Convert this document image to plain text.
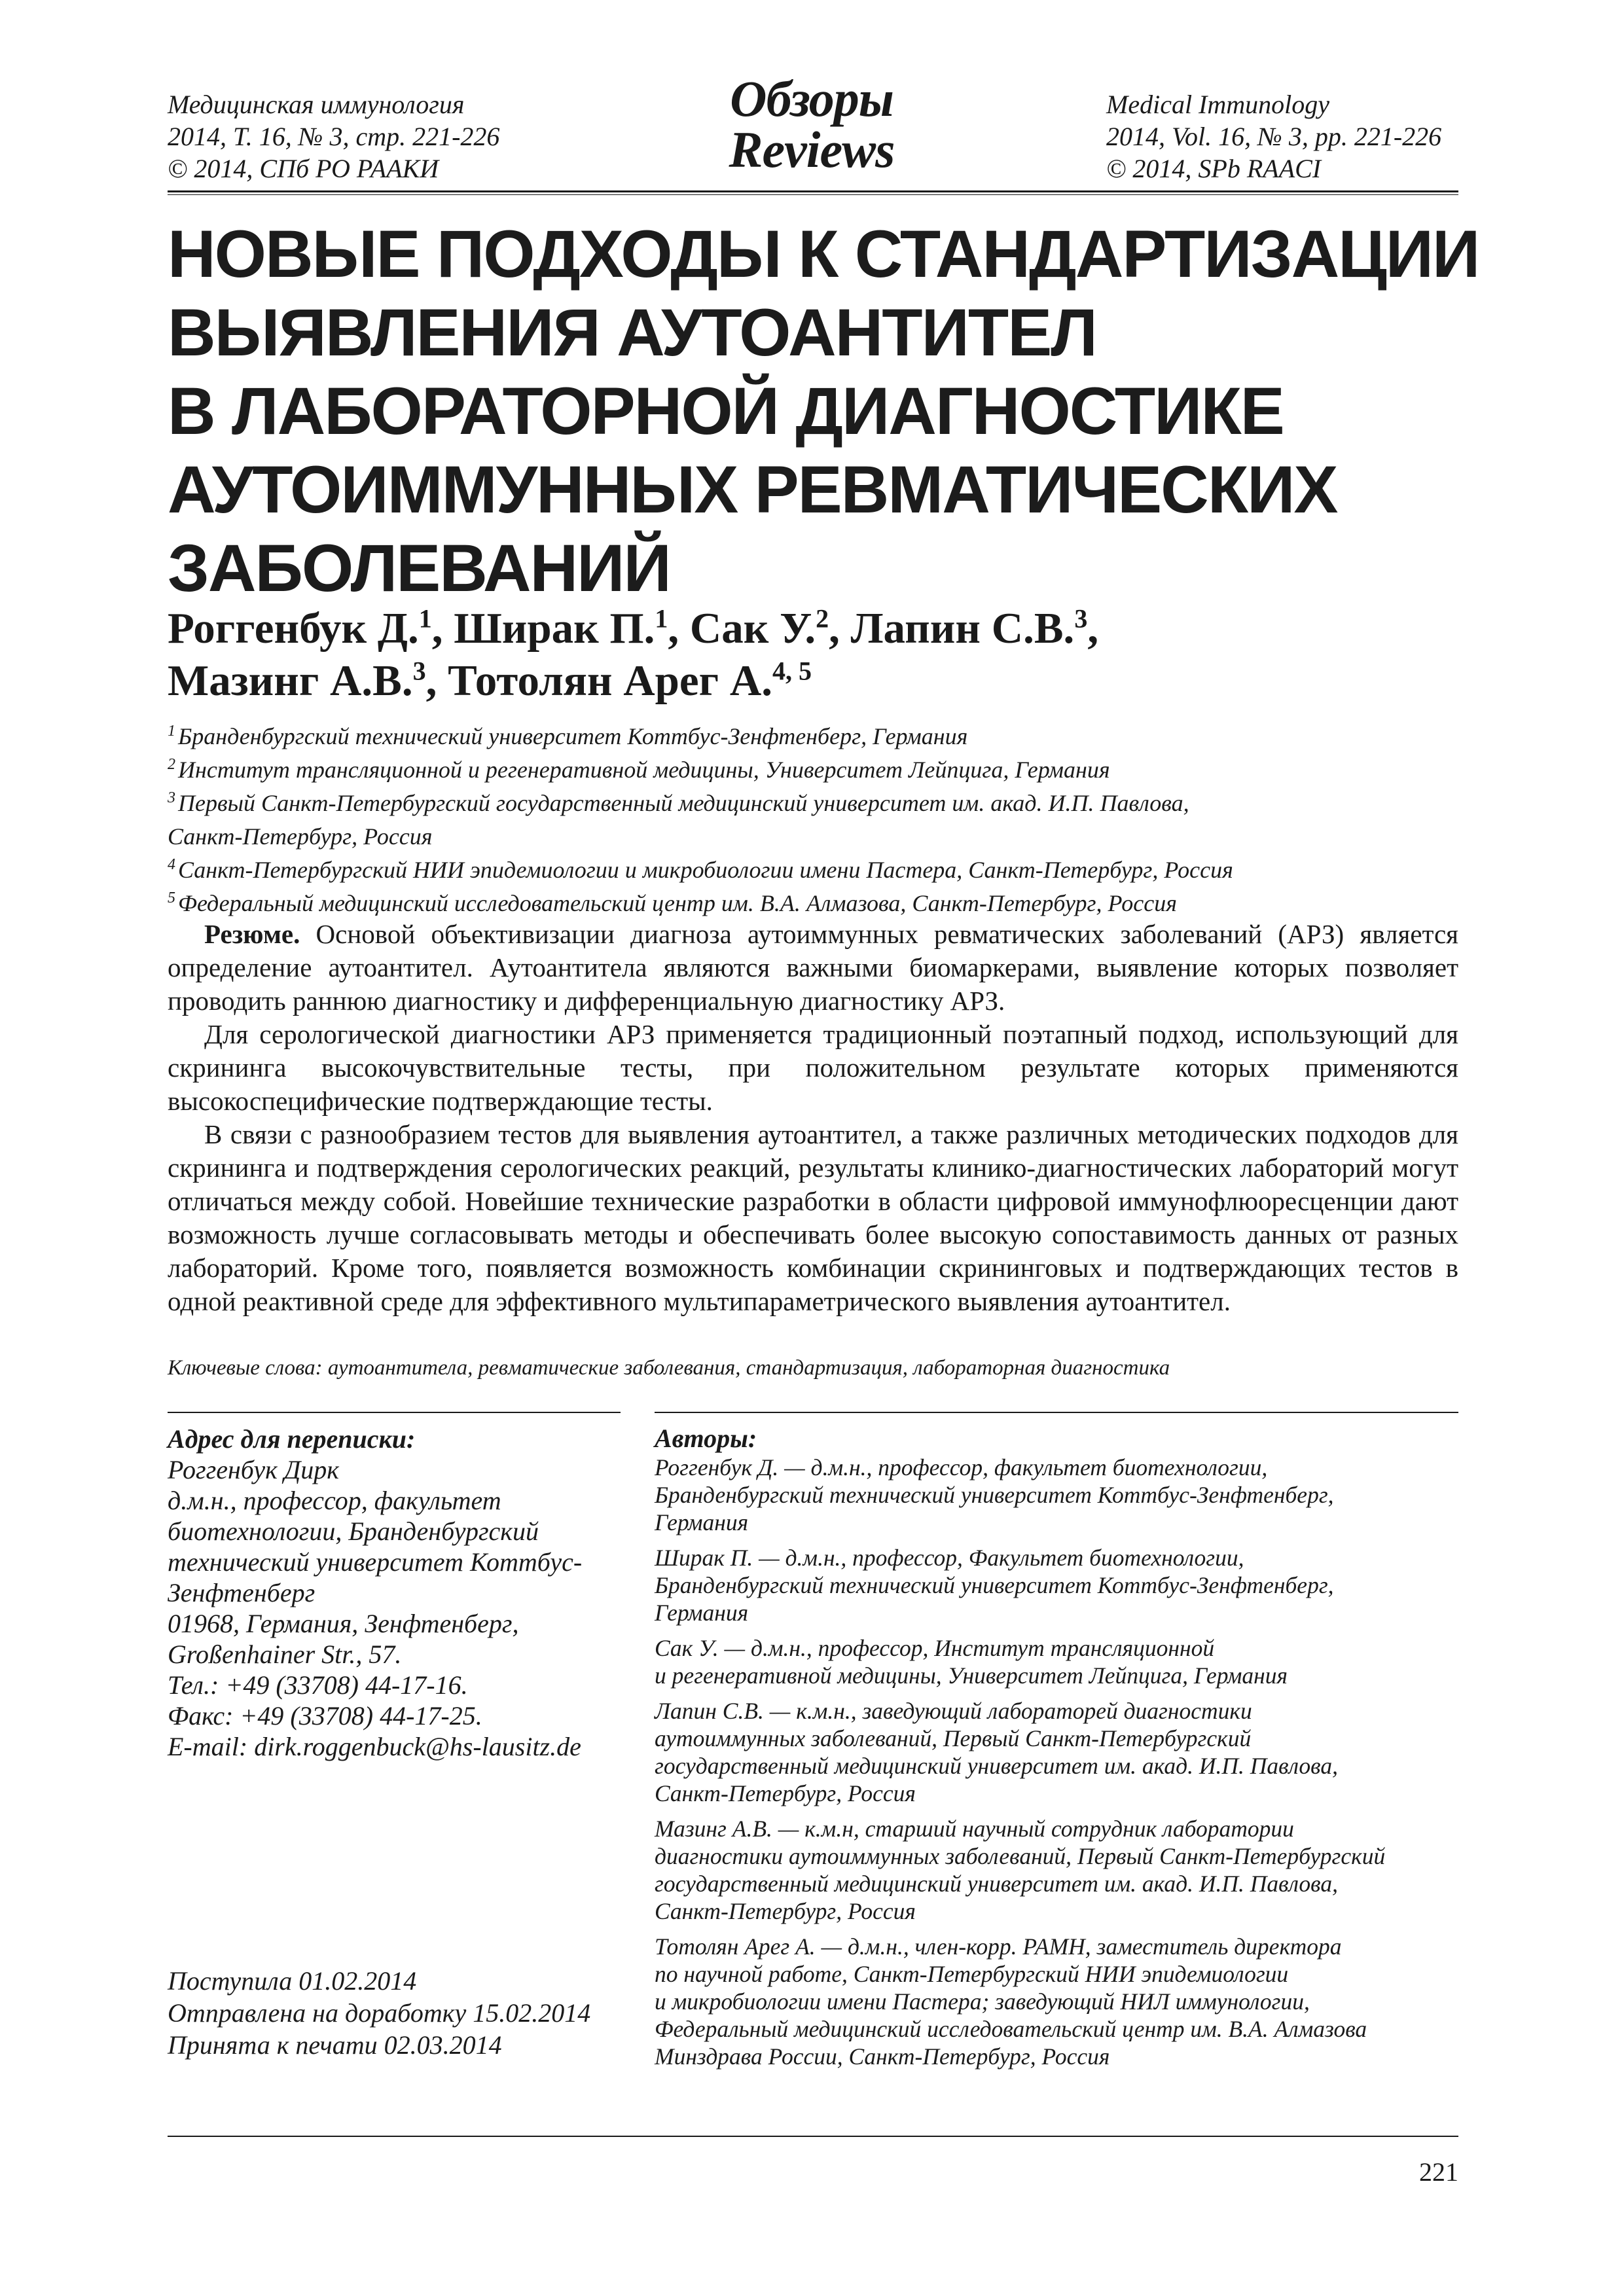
Медицинская иммунология
2014, Т. 16, № 3, стр. 221-226
© 2014, СПб РО РААКИ
Обзоры
Reviews
Medical Immunology
2014, Vol. 16, № 3, pp. 221-226
© 2014, SPb RAACI
НОВЫЕ ПОДХОДЫ К СТАНДАРТИЗАЦИИ
ВЫЯВЛЕНИЯ АУТОАНТИТЕЛ
В ЛАБОРАТОРНОЙ ДИАГНОСТИКЕ
АУТОИММУННЫХ РЕВМАТИЧЕСКИХ
ЗАБОЛЕВАНИЙ
Роггенбук Д.$^1$, Ширак П.$^1$, Сак У.$^2$, Лапин С.В.$^3$,
Мазинг А.В.$^3$, Тотолян Арег А.$^{4, 5}$
$^1$ Бранденбургский технический университет Коттбус-Зенфтенберг, Германия
$^2$ Институт трансляционной и регенеративной медицины, Университет Лейпцига, Германия
$^3$ Первый Санкт-Петербургский государственный медицинский университет им. акад. И.П. Павлова,
Санкт-Петербург, Россия
$^4$ Санкт-Петербургский НИИ эпидемиологии и микробиологии имени Пастера, Санкт-Петербург, Россия
$^5$ Федеральный медицинский исследовательский центр им. В.А. Алмазова, Санкт-Петербург, Россия

Резюме. Основой объективизации диагноза аутоиммунных ревматических заболеваний (АРЗ) является определение аутоантител. Аутоантитела являются важными биомаркерами, выявление которых позволяет проводить раннюю диагностику и дифференциальную диагностику АРЗ.

Для серологической диагностики АРЗ применяется традиционный поэтапный подход, использующий для скрининга высокочувствительные тесты, при положительном результате которых применяются высокоспецифические подтверждающие тесты.

В связи с разнообразием тестов для выявления аутоантител, а также различных методических подходов для скрининга и подтверждения серологических реакций, результаты клинико-диагностических лабораторий могут отличаться между собой. Новейшие технические разработки в области цифровой иммунофлюоресценции дают возможность лучше согласовывать методы и обеспечивать более высокую сопоставимость данных от разных лабораторий. Кроме того, появляется возможность комбинации скрининговых и подтверждающих тестов в одной реактивной среде для эффективного мультипараметрического выявления аутоантител.

Ключевые слова: аутоантитела, ревматические заболевания, стандартизация, лабораторная диагностика
Адрес для переписки:
Роггенбук Дирк
д.м.н., профессор, факультет
биотехнологии, Бранденбургский
технический университет Коттбус-
Зенфтенберг
01968, Германия, Зенфтенберг,
Großenhainer Str., 57.
Тел.: +49 (33708) 44-17-16.
Факс: +49 (33708) 44-17-25.
E-mail: dirk.roggenbuck@hs-lausitz.de
Авторы:
Роггенбук Д. — д.м.н., профессор, факультет биотехнологии,
Бранденбургский технический университет Коттбус-Зенфтенберг,
Германия
Ширак П. — д.м.н., профессор, Факультет биотехнологии,
Бранденбургский технический университет Коттбус-Зенфтенберг,
Германия
Сак У. — д.м.н., профессор, Институт трансляционной
и регенеративной медицины, Университет Лейпцига, Германия
Лапин С.В. — к.м.н., заведующий лабораторей диагностики
аутоиммунных заболеваний, Первый Санкт-Петербургский
государственный медицинский университет им. акад. И.П. Павлова,
Санкт-Петербург, Россия
Мазинг А.В. — к.м.н, старший научный сотрудник лаборатории
диагностики аутоиммунных заболеваний, Первый Санкт-Петербургский
государственный медицинский университет им. акад. И.П. Павлова,
Санкт-Петербург, Россия
Тотолян Арег А. — д.м.н., член-корр. РАМН, заместитель директора
по научной работе, Санкт-Петербургский НИИ эпидемиологии
и микробиологии имени Пастера; заведующий НИЛ иммунологии,
Федеральный медицинский исследовательский центр им. В.А. Алмазова
Минздрава России, Санкт-Петербург, Россия
Поступила 01.02.2014
Отправлена на доработку 15.02.2014
Принята к печати 02.03.2014
221
